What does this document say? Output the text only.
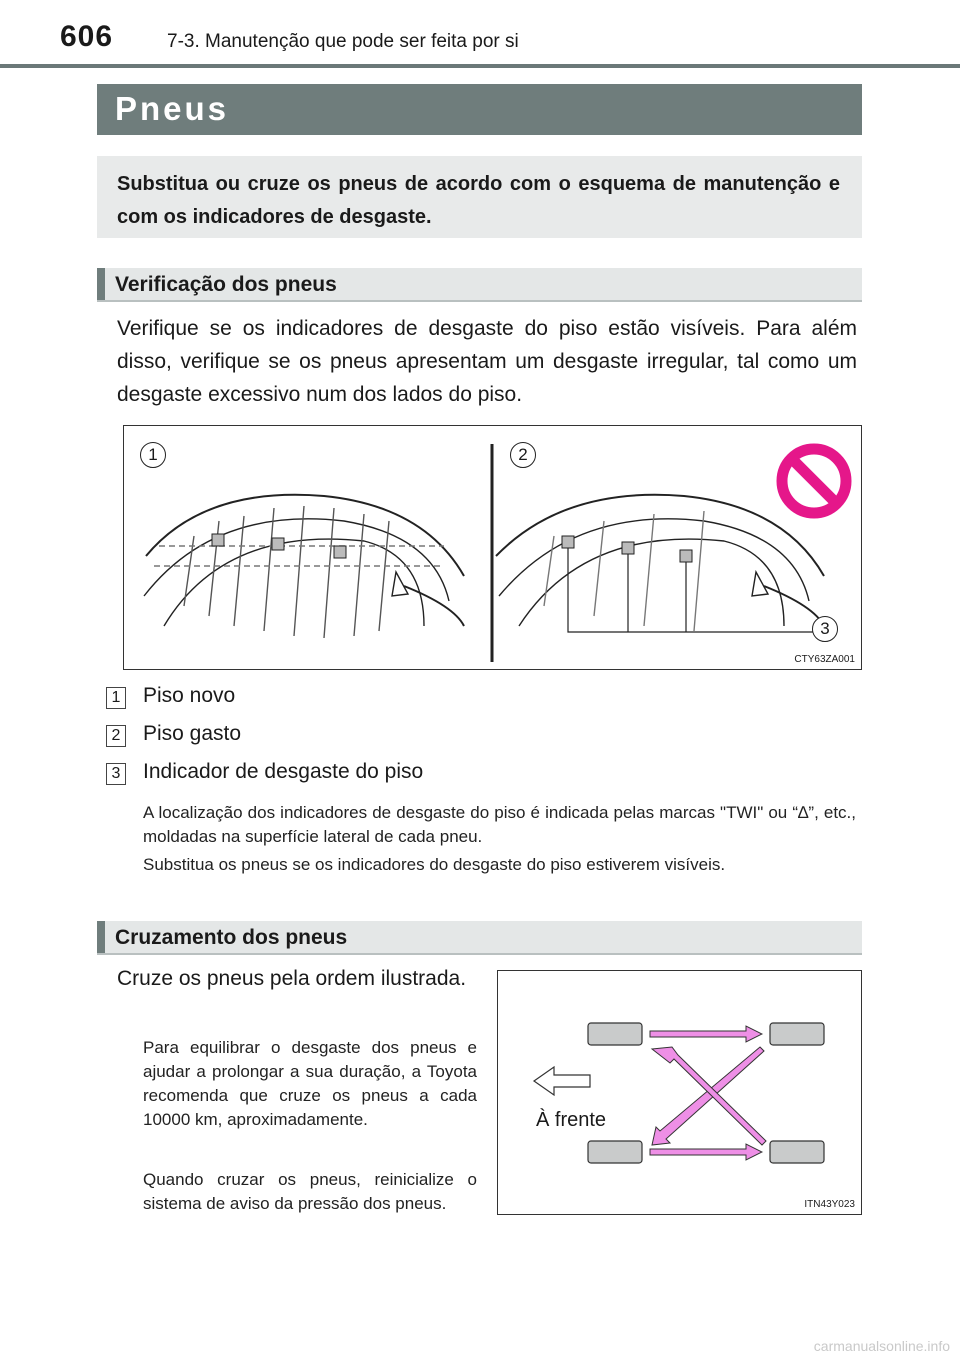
606	7-3. Manutenção que pode ser feita por si
Pneus
Substitua ou cruze os pneus de acordo com o esquema de manutenção e com os indicadores de desgaste.
Verificação dos pneus
Verifique se os indicadores de desgaste do piso estão visíveis. Para além disso, verifique se os pneus apresentam um desgaste irregular, tal como um desgaste excessivo num dos lados do piso.
1	2
3
CTY63ZA001
1 Piso novo
2 Piso gasto
3 Indicador de desgaste do piso
A localização dos indicadores de desgaste do piso é indicada pelas marcas "TWI" ou “∆”, etc., moldadas na superfície lateral de cada pneu.
Substitua os pneus se os indicadores do desgaste do piso estiverem visíveis.
Cruzamento dos pneus
Cruze os pneus pela ordem ilustrada.
Para equilibrar o desgaste dos pneus e ajudar a prolongar a sua duração, a Toyota recomenda que cruze os pneus a cada 10000 km, aproximadamente.
Quando cruzar os pneus, reinicialize o sistema de aviso da pressão dos pneus.
À frente
ITN43Y023
carmanualsonline.info
